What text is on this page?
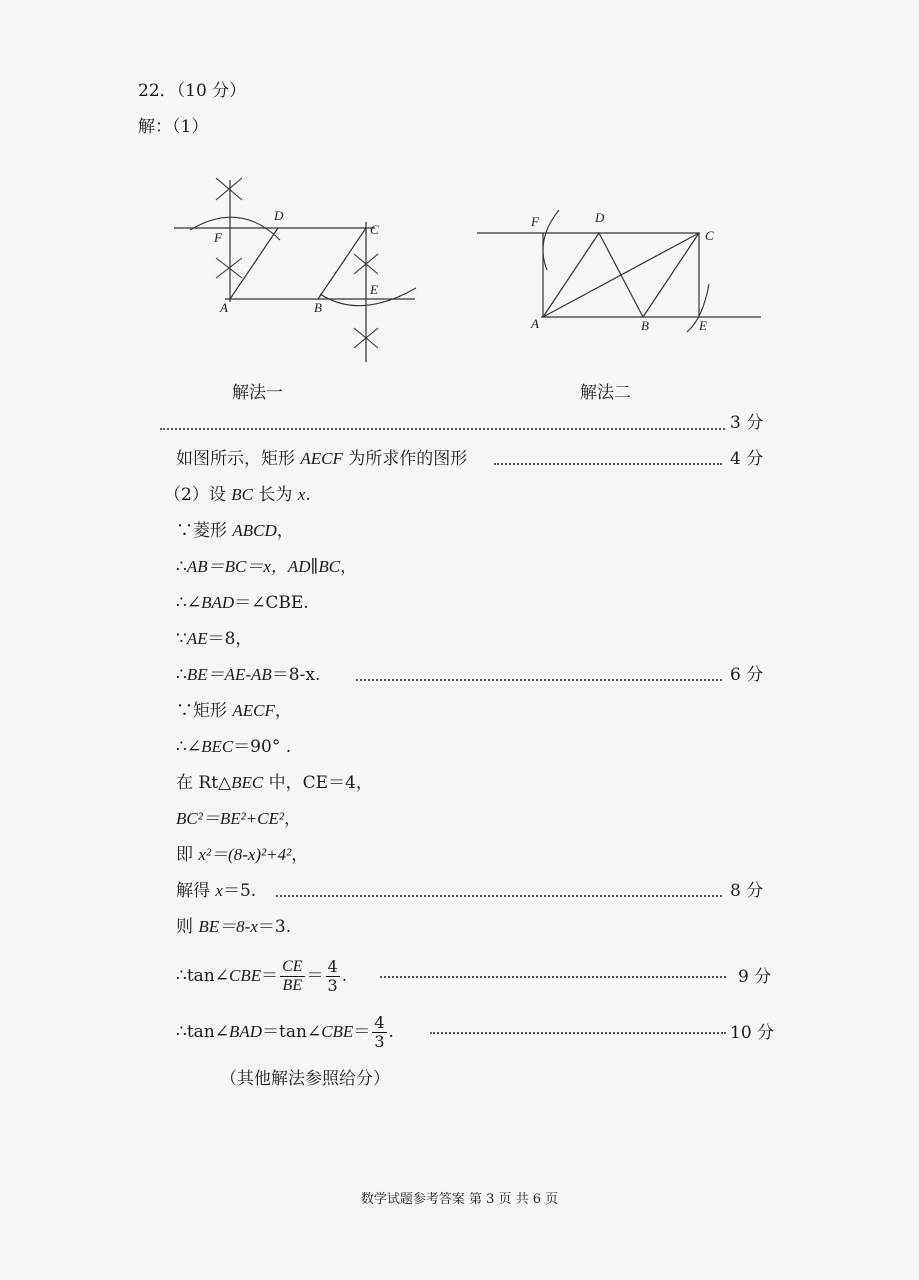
22．（10 分）
解：（1）
D
C
F
A	B
E
解法一
F	D
C
A	B	E
解法二
3 分
如图所示，矩形 AECF 为所求作的图形	4 分
（2）设 BC 长为 x.
∵菱形 ABCD，
∴AB＝BC＝x，AD∥BC，
∴∠BAD＝∠CBE.
∵AE＝8，
∴BE＝AE-AB＝8-x.	6 分
∵矩形 AECF，
∴∠BEC＝90° .
在 Rt△BEC 中，CE＝4，
BC²＝BE²+CE²，
即 x²＝(8-x)²+4²，
解得 x＝5.	8 分
则 BE＝8-x＝3.
∴tan∠CBE＝ $\frac{CE}{BE} = \frac{4}{3}$ .	9 分
∴tan∠BAD＝tan∠CBE＝ $\frac{4}{3}$ .	10 分
（其他解法参照给分）
数学试题参考答案 第 3 页 共 6 页
